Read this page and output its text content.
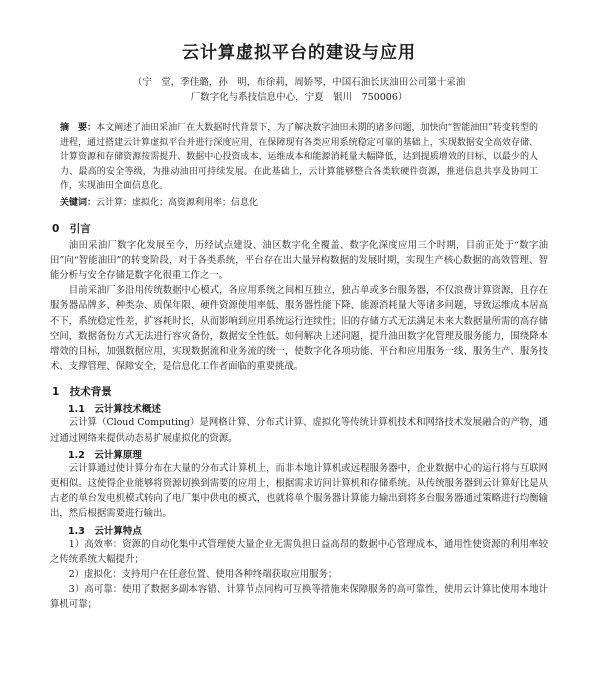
云计算虚拟平台的建设与应用
（宁　堂，季佳璐，孙　明，布徐莉，周娇琴，中国石油长庆油田公司第十采油
厂数字化与系技信息中心，宁夏　银川　750006）
摘　要：本文阐述了油田采油厂在大数据时代背景下，为了解决数字油田未期的诸多问题，加快向“智能油田”转变转型的进程，通过搭建云计算虚拟平台并进行深度应用，在保障现有各类应用系统稳定可靠的基础上，实现数据安全高效存储、计算资源和存储资源按需提升、数据中心投资成本、运维成本和能源消耗量大幅降低，达到提质增效的目标，以最少的人力、最高的安全等级，为推动油田可持续发展。在此基础上，云计算能够整合各类软硬件资源，推进信息共享及协同工作，实现油田全面信息化。
关键词：云计算；虚拟化；高资源利用率；信息化
0　引言

油田采油厂数字化发展至今，历经试点建设、油区数字化全覆盖、数字化深度应用三个时期，目前正处于“数字油田”向“智能油田”的转变阶段，对于各类系统，平台存在出大量异构数据的发展时期，实现生产核心数据的高效管理、智能分析与安全存储是数字化很重工作之一。

目前采油厂多沿用传统数据中心模式，各应用系统之间相互独立，独占单或多台服务器，不仅浪费计算资源，且存在服务器品牌多、种类杂、质保年限、硬件资源使用率低、服务器性能下降、能源消耗量大等诸多问题，导致运维成本居高不下，系统稳定性差，扩容耗时长，从而影响到应用系统运行连续性；旧的存储方式无法满足未来大数据量所需的高存储空间，数据备份方式无法进行容灾备份，数据安全性低。如何解决上述问题，提升油田数字化管理及服务能力，围绕降本增效的目标，加强数据应用，实现数据流和业务流的统一，使数字化各项功能、平台和应用服务一线、服务生产、服务技术、支撑管理、保障安全，是信息化工作者面临的重要挑战。

1　技术背景
1.1　云计算技术概述

云计算（Cloud Computing）是网格计算、分布式计算、虚拟化等传统计算机技术和网络技术发展融合的产物，通过通过网络来提供动态易扩展虚拟化的资源。

1.2　云计算原理

云计算通过使计算分布在大量的分布式计算机上，而非本地计算机或远程服务器中，企业数据中心的运行将与互联网更相似。这使得企业能够将资源切换到需要的应用上，根据需求访问计算机和存储系统。从传统服务器到云计算好比是从古老的单台发电机模式转向了电厂集中供电的模式，也就将单个服务器计算能力输出到将多台服务器通过策略进行均衡输出，然后根据需要进行输出。

1.3　云计算特点

1）高效率：资源的自动化集中式管理使大量企业无需负担日益高昂的数据中心管理成本，通用性使资源的利用率较之传统系统大幅提升；

2）虚拟化：支持用户在任意位置、使用各种终端获取应用服务；

3）高可靠：使用了数据多副本容错、计算节点同构可互换等措施来保障服务的高可靠性，使用云计算比使用本地计算机可靠；
